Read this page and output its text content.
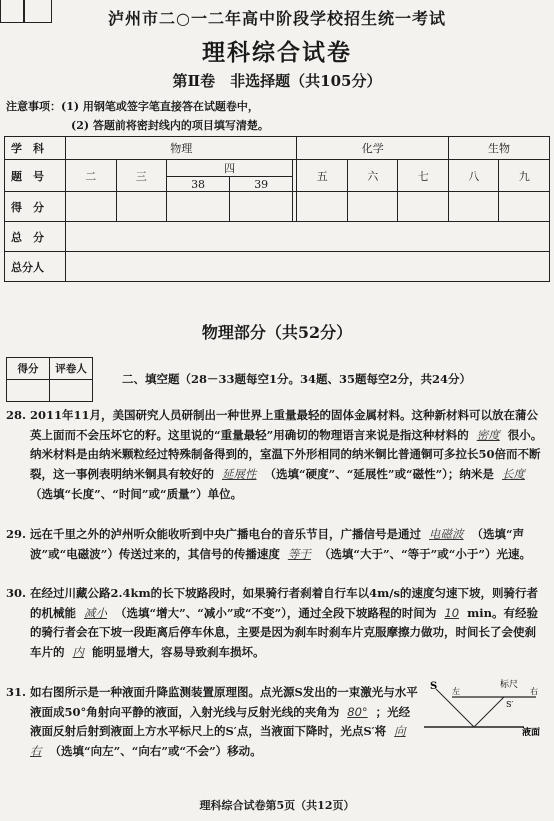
泸州市二○一二年高中阶段学校招生统一考试
理科综合试卷
第Ⅱ卷　非选择题（共105分）
注意事项：(1) 用钢笔或签字笔直接答在试题卷中，
(2) 答题前将密封线内的项目填写清楚。
学　科	物理					化学			生物	
题　号	二	三	四			五	六	七	八	九
			38	39						
得　分										
总　分										
总分人										
物理部分（共52分）
得分	评卷人

二、填空题（28－33题每空1分。34题、35题每空2分，共24分）
28. 2011年11月，美国研究人员研制出一种世界上重量最轻的固体金属材料。这种新材料可以放在蒲公英上面而不会压坏它的籽。这里说的“重量最轻”用确切的物理语言来说是指这种材料的 密度 很小。纳米材料是由纳米颗粒经过特殊制备得到的，室温下外形相同的纳米铜比普通铜可多拉长50倍而不断裂，这一事例表明纳米铜具有较好的 延展性 （选填“硬度”、“延展性”或“磁性”）；纳米是 长度（选填“长度”、“时间”或“质量”）单位。
29. 远在千里之外的泸州听众能收听到中央广播电台的音乐节目，广播信号是通过 电磁波 （选填“声波”或“电磁波”）传送过来的，其信号的传播速度 等于 （选填“大于”、“等于”或“小于”）光速。
30. 在经过川藏公路2.4km的长下坡路段时，如果骑行者刹着自行车以4m/s的速度匀速下坡，则骑行者的机械能 减小 （选填“增大”、“减小”或“不变”），通过全段下坡路程的时间为 10 min。有经验的骑行者会在下坡一段距离后停车休息，主要是因为刹车时刹车片克服摩擦力做功，时间长了会使刹车片的 内 能明显增大，容易导致刹车损坏。
31. 如右图所示是一种液面升降监测装置原理图。点光源S发出的一束激光与水平液面成50°角射向平静的液面，入射光线与反射光线的夹角为 80° ；光经液面反射后射到液面上方水平标尺上的S′点，当液面下降时，光点S′将 向右 （选填“向左”、“向右”或“不会”）移动。
S	标尺
左	右
S′
液面
理科综合试卷第5页（共12页）
